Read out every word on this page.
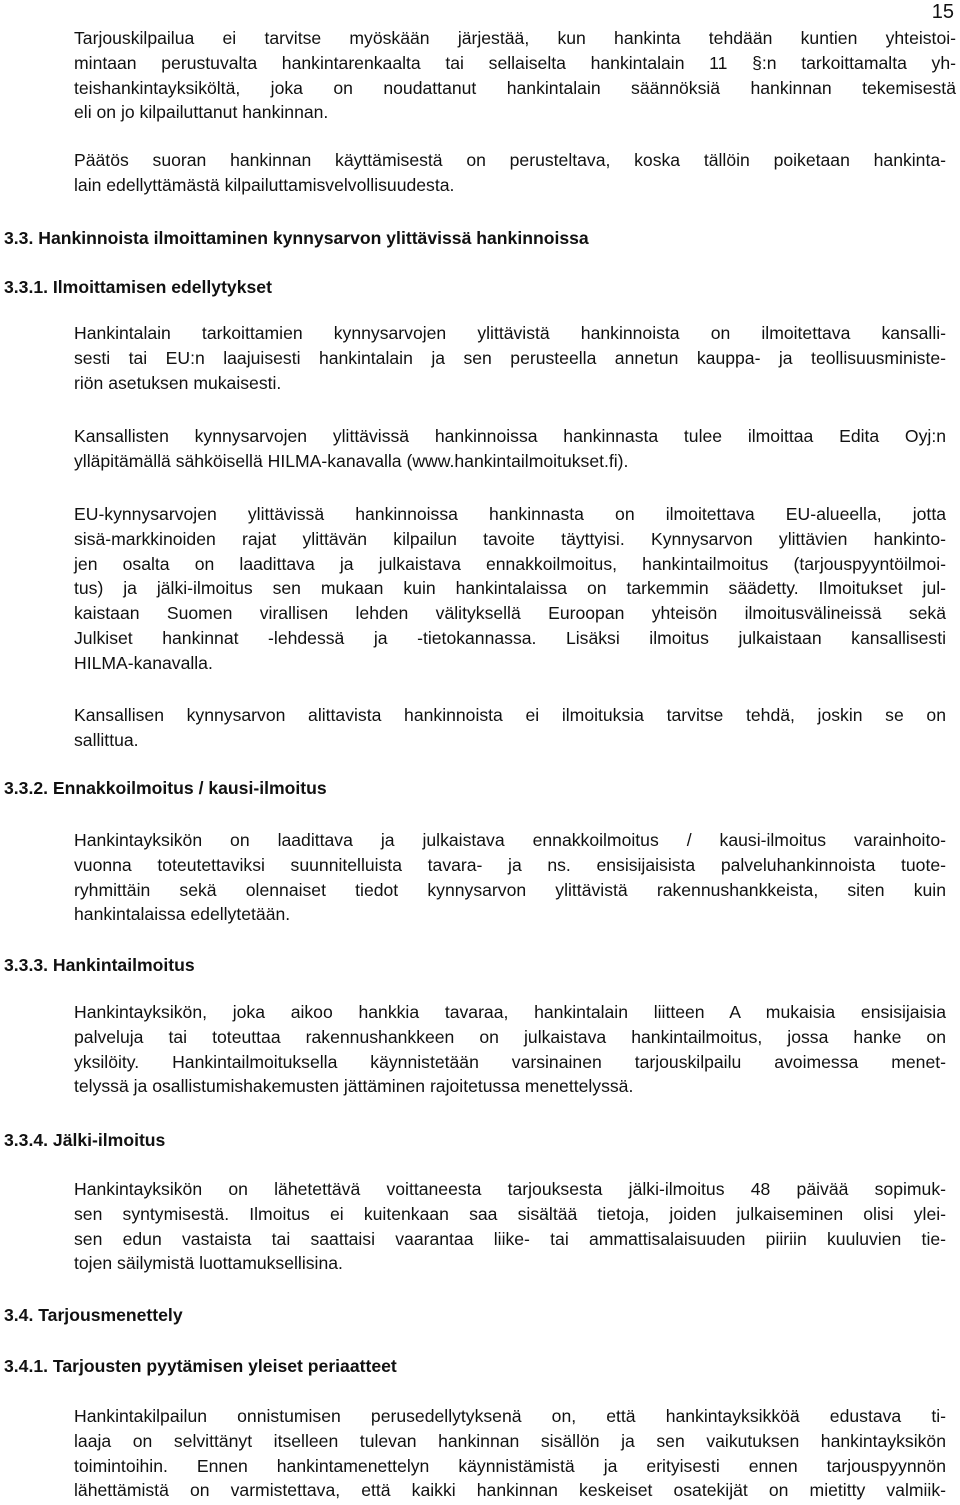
15

Tarjouskilpailua ei tarvitse myöskään järjestää, kun hankinta tehdään kuntien yhteistoi-
mintaan perustuvalta hankintarenkaalta tai sellaiselta hankintalain 11 §:n tarkoittamalta yh-
teishankintayksiköltä, joka on noudattanut hankintalain säännöksiä hankinnan tekemisestä
eli on jo kilpailuttanut hankinnan.

Päätös suoran hankinnan käyttämisestä on perusteltava, koska tällöin poiketaan hankinta-
lain edellyttämästä kilpailuttamisvelvollisuudesta.

3.3. Hankinnoista ilmoittaminen kynnysarvon ylittävissä hankinnoissa
3.3.1. Ilmoittamisen edellytykset

Hankintalain tarkoittamien kynnysarvojen ylittävistä hankinnoista on ilmoitettava kansalli-
sesti tai EU:n laajuisesti hankintalain ja sen perusteella annetun kauppa- ja teollisuusministe-
riön asetuksen mukaisesti.

Kansallisten kynnysarvojen ylittävissä hankinnoissa hankinnasta tulee ilmoittaa Edita Oyj:n
ylläpitämällä sähköisellä HILMA-kanavalla (www.hankintailmoitukset.fi).

EU-kynnysarvojen ylittävissä hankinnoissa hankinnasta on ilmoitettava EU-alueella, jotta
sisä-markkinoiden rajat ylittävän kilpailun tavoite täyttyisi. Kynnysarvon ylittävien hankinto-
jen osalta on laadittava ja julkaistava ennakkoilmoitus, hankintailmoitus (tarjouspyyntöilmoi-
tus) ja jälki-ilmoitus sen mukaan kuin hankintalaissa on tarkemmin säädetty. Ilmoitukset jul-
kaistaan Suomen virallisen lehden välityksellä Euroopan yhteisön ilmoitusvälineissä sekä
Julkiset hankinnat -lehdessä ja -tietokannassa. Lisäksi ilmoitus julkaistaan kansallisesti
HILMA-kanavalla.

Kansallisen kynnysarvon alittavista hankinnoista ei ilmoituksia tarvitse tehdä, joskin se on
sallittua.

3.3.2. Ennakkoilmoitus / kausi-ilmoitus

Hankintayksikön on laadittava ja julkaistava ennakkoilmoitus / kausi-ilmoitus varainhoito-
vuonna toteutettaviksi suunnitelluista tavara- ja ns. ensisijaisista palveluhankinnoista tuote-
ryhmittäin sekä olennaiset tiedot kynnysarvon ylittävistä rakennushankkeista, siten kuin
hankintalaissa edellytetään.

3.3.3. Hankintailmoitus

Hankintayksikön, joka aikoo hankkia tavaraa, hankintalain liitteen A mukaisia ensisijaisia
palveluja tai toteuttaa rakennushankkeen on julkaistava hankintailmoitus, jossa hanke on
yksilöity. Hankintailmoituksella käynnistetään varsinainen tarjouskilpailu avoimessa menet-
telyssä ja osallistumishakemusten jättäminen rajoitetussa menettelyssä.

3.3.4. Jälki-ilmoitus

Hankintayksikön on lähetettävä voittaneesta tarjouksesta jälki-ilmoitus 48 päivää sopimuk-
sen syntymisestä. Ilmoitus ei kuitenkaan saa sisältää tietoja, joiden julkaiseminen olisi ylei-
sen edun vastaista tai saattaisi vaarantaa liike- tai ammattisalaisuuden piiriin kuuluvien tie-
tojen säilymistä luottamuksellisina.

3.4. Tarjousmenettely
3.4.1. Tarjousten pyytämisen yleiset periaatteet

Hankintakilpailun onnistumisen perusedellytyksenä on, että hankintayksikköä edustava ti-
laaja on selvittänyt itselleen tulevan hankinnan sisällön ja sen vaikutuksen hankintayksikön
toimintoihin. Ennen hankintamenettelyn käynnistämistä ja erityisesti ennen tarjouspyynnön
lähettämistä on varmistettava, että kaikki hankinnan keskeiset osatekijät on mietitty valmiik-
